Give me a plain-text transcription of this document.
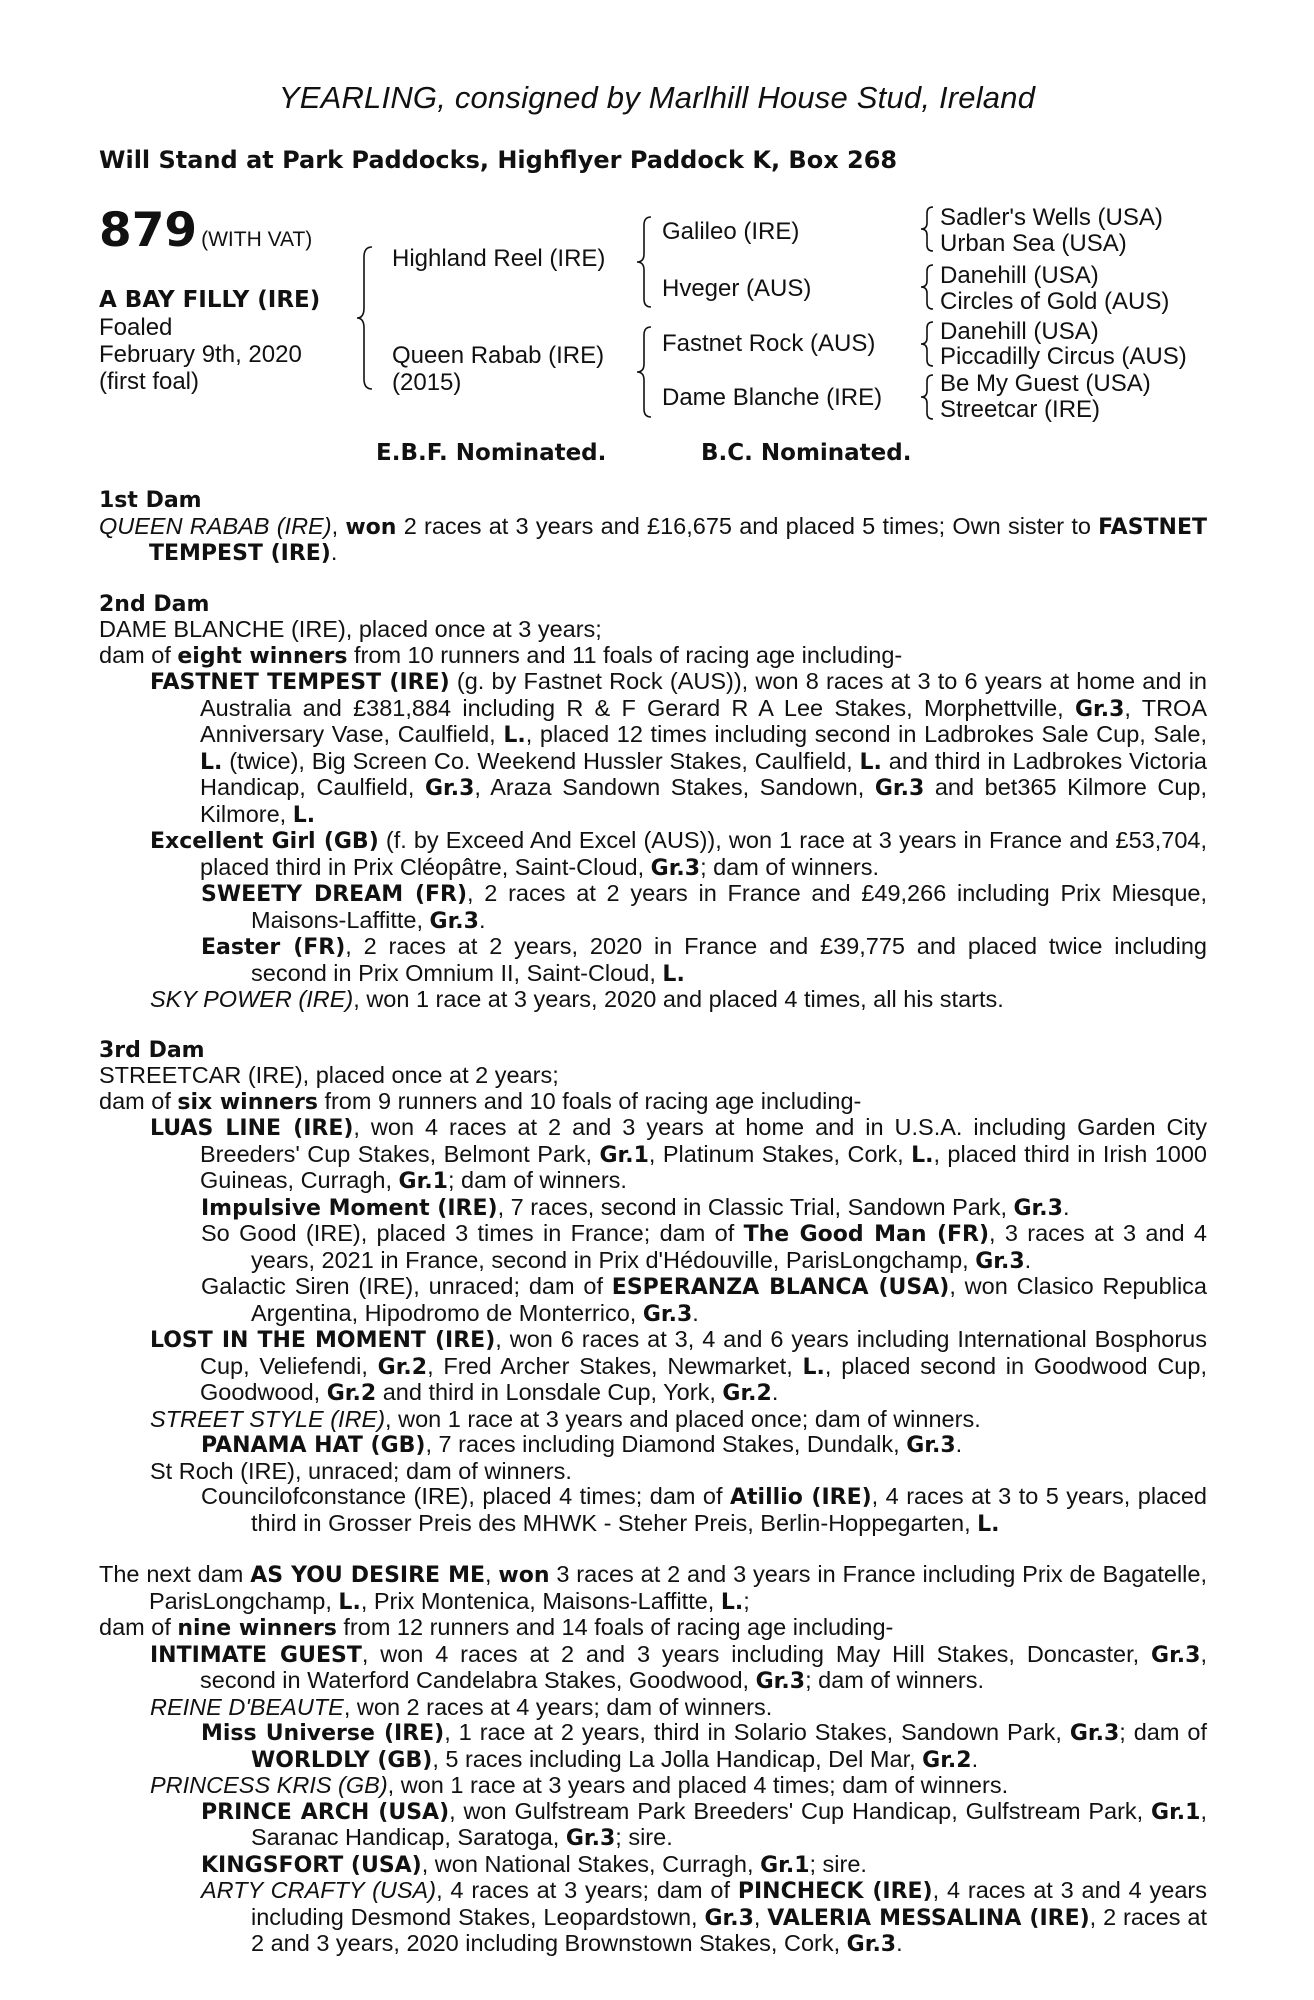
YEARLING, consigned by Marlhill House Stud, Ireland
Will Stand at Park Paddocks, Highflyer Paddock K, Box 268
879 (WITH VAT)
A BAY FILLY (IRE)
Foaled
February 9th, 2020
(first foal)
Highland Reel (IRE)
Queen Rabab (IRE)
(2015)
Galileo (IRE)
Hveger (AUS)
Fastnet Rock (AUS)
Dame Blanche (IRE)
Sadler's Wells (USA)
Urban Sea (USA)
Danehill (USA)
Circles of Gold (AUS)
Danehill (USA)
Piccadilly Circus (AUS)
Be My Guest (USA)
Streetcar (IRE)
E.B.F. Nominated.	B.C. Nominated.
1st Dam

QUEEN RABAB (IRE), won 2 races at 3 years and £16,675 and placed 5 times; Own sister to FASTNET TEMPEST (IRE).

2nd Dam

DAME BLANCHE (IRE), placed once at 3 years;

dam of eight winners from 10 runners and 11 foals of racing age including-

FASTNET TEMPEST (IRE) (g. by Fastnet Rock (AUS)), won 8 races at 3 to 6 years at home and in Australia and £381,884 including R & F Gerard R A Lee Stakes, Morphettville, Gr.3, TROA Anniversary Vase, Caulfield, L., placed 12 times including second in Ladbrokes Sale Cup, Sale, L. (twice), Big Screen Co. Weekend Hussler Stakes, Caulfield, L. and third in Ladbrokes Victoria Handicap, Caulfield, Gr.3, Araza Sandown Stakes, Sandown, Gr.3 and bet365 Kilmore Cup, Kilmore, L.

Excellent Girl (GB) (f. by Exceed And Excel (AUS)), won 1 race at 3 years in France and £53,704, placed third in Prix Cléopâtre, Saint-Cloud, Gr.3; dam of winners.

SWEETY DREAM (FR), 2 races at 2 years in France and £49,266 including Prix Miesque, Maisons-Laffitte, Gr.3.

Easter (FR), 2 races at 2 years, 2020 in France and £39,775 and placed twice including second in Prix Omnium II, Saint-Cloud, L.

SKY POWER (IRE), won 1 race at 3 years, 2020 and placed 4 times, all his starts.

3rd Dam

STREETCAR (IRE), placed once at 2 years;

dam of six winners from 9 runners and 10 foals of racing age including-

LUAS LINE (IRE), won 4 races at 2 and 3 years at home and in U.S.A. including Garden City Breeders' Cup Stakes, Belmont Park, Gr.1, Platinum Stakes, Cork, L., placed third in Irish 1000 Guineas, Curragh, Gr.1; dam of winners.

Impulsive Moment (IRE), 7 races, second in Classic Trial, Sandown Park, Gr.3.

So Good (IRE), placed 3 times in France; dam of The Good Man (FR), 3 races at 3 and 4 years, 2021 in France, second in Prix d'Hédouville, ParisLongchamp, Gr.3.

Galactic Siren (IRE), unraced; dam of ESPERANZA BLANCA (USA), won Clasico Republica Argentina, Hipodromo de Monterrico, Gr.3.

LOST IN THE MOMENT (IRE), won 6 races at 3, 4 and 6 years including International Bosphorus Cup, Veliefendi, Gr.2, Fred Archer Stakes, Newmarket, L., placed second in Goodwood Cup, Goodwood, Gr.2 and third in Lonsdale Cup, York, Gr.2.

STREET STYLE (IRE), won 1 race at 3 years and placed once; dam of winners.

PANAMA HAT (GB), 7 races including Diamond Stakes, Dundalk, Gr.3.

St Roch (IRE), unraced; dam of winners.

Councilofconstance (IRE), placed 4 times; dam of Atillio (IRE), 4 races at 3 to 5 years, placed third in Grosser Preis des MHWK - Steher Preis, Berlin-Hoppegarten, L.

The next dam AS YOU DESIRE ME, won 3 races at 2 and 3 years in France including Prix de Bagatelle, ParisLongchamp, L., Prix Montenica, Maisons-Laffitte, L.;

dam of nine winners from 12 runners and 14 foals of racing age including-

INTIMATE GUEST, won 4 races at 2 and 3 years including May Hill Stakes, Doncaster, Gr.3, second in Waterford Candelabra Stakes, Goodwood, Gr.3; dam of winners.

REINE D'BEAUTE, won 2 races at 4 years; dam of winners.

Miss Universe (IRE), 1 race at 2 years, third in Solario Stakes, Sandown Park, Gr.3; dam of WORLDLY (GB), 5 races including La Jolla Handicap, Del Mar, Gr.2.

PRINCESS KRIS (GB), won 1 race at 3 years and placed 4 times; dam of winners.

PRINCE ARCH (USA), won Gulfstream Park Breeders' Cup Handicap, Gulfstream Park, Gr.1, Saranac Handicap, Saratoga, Gr.3; sire.

KINGSFORT (USA), won National Stakes, Curragh, Gr.1; sire.

ARTY CRAFTY (USA), 4 races at 3 years; dam of PINCHECK (IRE), 4 races at 3 and 4 years including Desmond Stakes, Leopardstown, Gr.3, VALERIA MESSALINA (IRE), 2 races at 2 and 3 years, 2020 including Brownstown Stakes, Cork, Gr.3.
